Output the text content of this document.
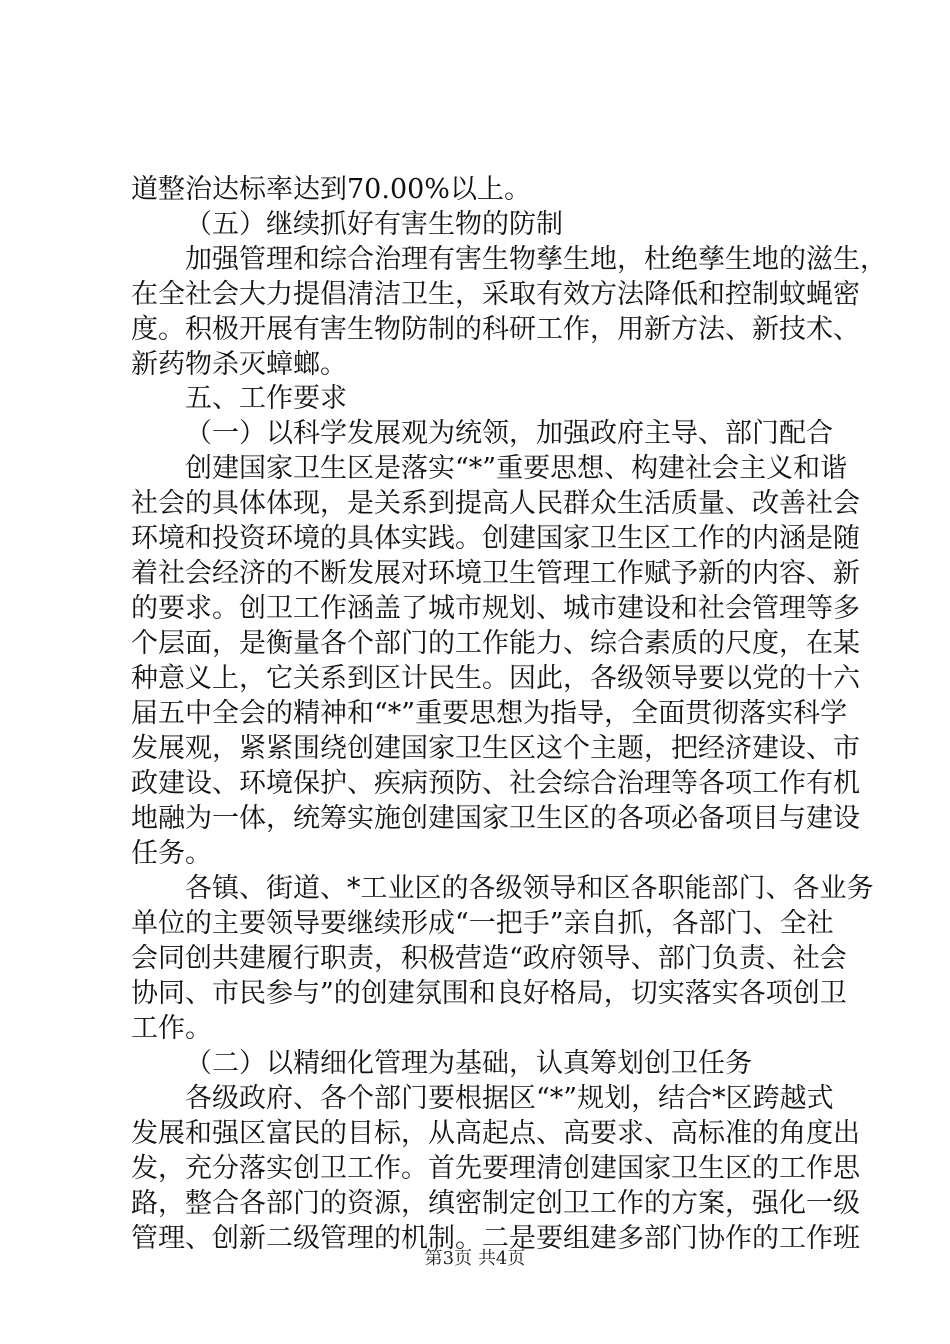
道整治达标率达到70.00%以上。
（五）继续抓好有害生物的防制
加强管理和综合治理有害生物孳生地，杜绝孳生地的滋生，
在全社会大力提倡清洁卫生，采取有效方法降低和控制蚊蝇密
度。积极开展有害生物防制的科研工作，用新方法、新技术、
新药物杀灭蟑螂。
五、工作要求
（一）以科学发展观为统领，加强政府主导、部门配合
创建国家卫生区是落实“*”重要思想、构建社会主义和谐
社会的具体体现，是关系到提高人民群众生活质量、改善社会
环境和投资环境的具体实践。创建国家卫生区工作的内涵是随
着社会经济的不断发展对环境卫生管理工作赋予新的内容、新
的要求。创卫工作涵盖了城市规划、城市建设和社会管理等多
个层面，是衡量各个部门的工作能力、综合素质的尺度，在某
种意义上，它关系到区计民生。因此，各级领导要以党的十六
届五中全会的精神和“*”重要思想为指导，全面贯彻落实科学
发展观，紧紧围绕创建国家卫生区这个主题，把经济建设、市
政建设、环境保护、疾病预防、社会综合治理等各项工作有机
地融为一体，统筹实施创建国家卫生区的各项必备项目与建设
任务。
各镇、街道、*工业区的各级领导和区各职能部门、各业务
单位的主要领导要继续形成“一把手”亲自抓，各部门、全社
会同创共建履行职责，积极营造“政府领导、部门负责、社会
协同、市民参与”的创建氛围和良好格局，切实落实各项创卫
工作。
（二）以精细化管理为基础，认真筹划创卫任务
各级政府、各个部门要根据区“*”规划，结合*区跨越式
发展和强区富民的目标，从高起点、高要求、高标准的角度出
发，充分落实创卫工作。首先要理清创建国家卫生区的工作思
路，整合各部门的资源，缜密制定创卫工作的方案，强化一级
管理、创新二级管理的机制。二是要组建多部门协作的工作班
第3页 共4页
